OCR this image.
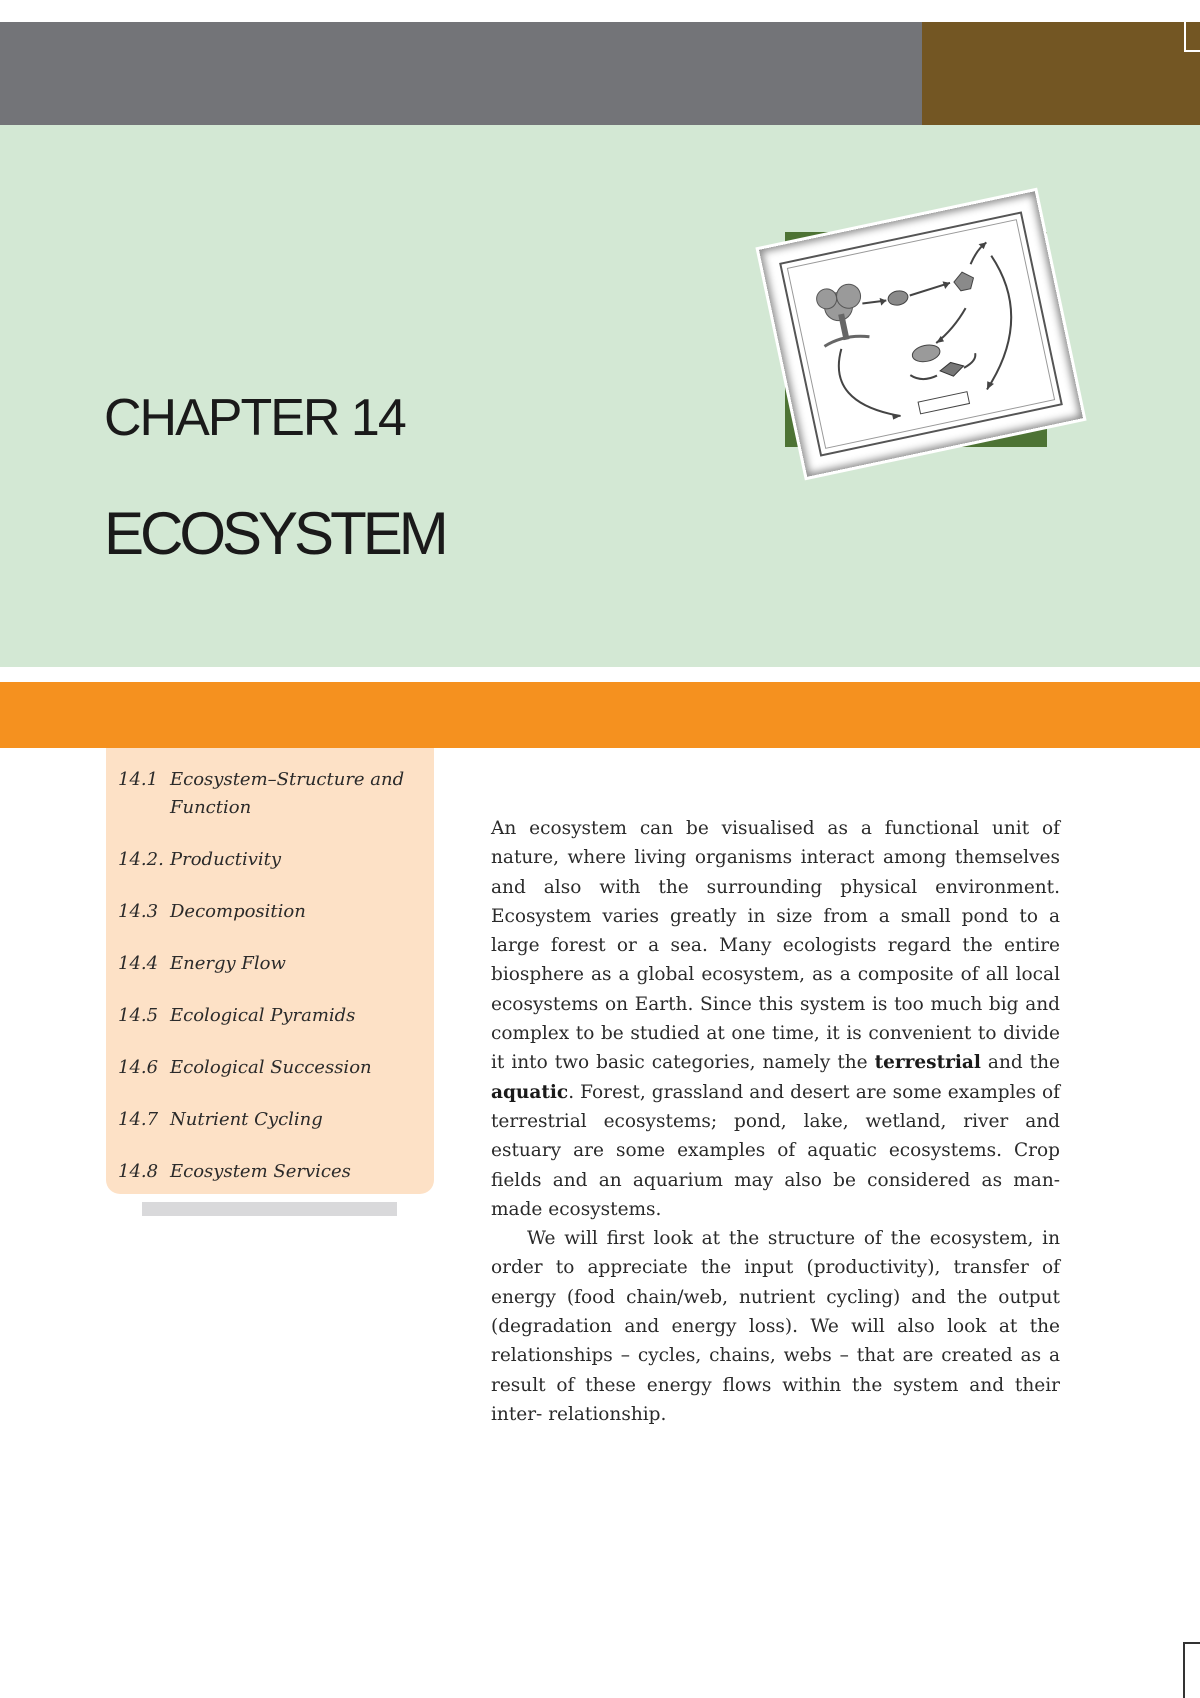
CHAPTER 14
ECOSYSTEM
14.1 Ecosystem–Structure and Function
14.2. Productivity
14.3 Decomposition
14.4 Energy Flow
14.5 Ecological Pyramids
14.6 Ecological Succession
14.7 Nutrient Cycling
14.8 Ecosystem Services

An ecosystem can be visualised as a functional unit of nature, where living organisms interact among themselves and also with the surrounding physical environment. Ecosystem varies greatly in size from a small pond to a large forest or a sea. Many ecologists regard the entire biosphere as a global ecosystem, as a composite of all local ecosystems on Earth. Since this system is too much big and complex to be studied at one time, it is convenient to divide it into two basic categories, namely the terrestrial and the aquatic. Forest, grassland and desert are some examples of terrestrial ecosystems; pond, lake, wetland, river and estuary are some examples of aquatic ecosystems. Crop fields and an aquarium may also be considered as man-made ecosystems.

We will first look at the structure of the ecosystem, in order to appreciate the input (productivity), transfer of energy (food chain/web, nutrient cycling) and the output (degradation and energy loss). We will also look at the relationships – cycles, chains, webs – that are created as a result of these energy flows within the system and their inter- relationship.
